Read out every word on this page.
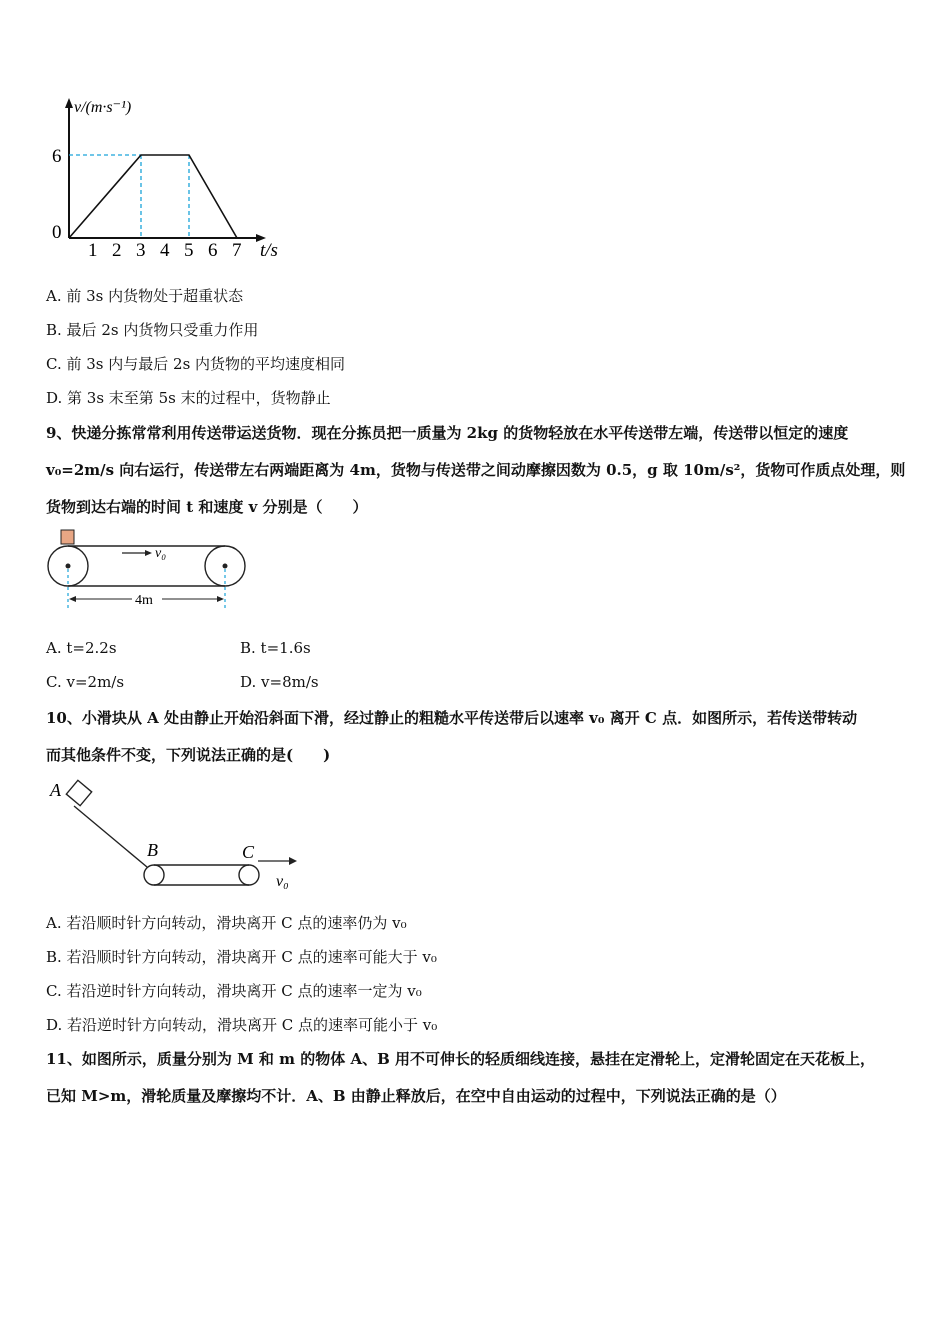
v/(m·s⁻¹)
6
0
1 2 3 4 5 6 7 t/s
A. 前 3s 内货物处于超重状态
B. 最后 2s 内货物只受重力作用
C. 前 3s 内与最后 2s 内货物的平均速度相同
D. 第 3s 末至第 5s 末的过程中，货物静止
9、快递分拣常常利用传送带运送货物．现在分拣员把一质量为 2kg 的货物轻放在水平传送带左端，传送带以恒定的速度
v₀=2m/s 向右运行，传送带左右两端距离为 4m，货物与传送带之间动摩擦因数为 0.5，g 取 10m/s²，货物可作质点处理，则
货物到达右端的时间 t 和速度 v 分别是（　　）
v₀
4m
A. t=2.2s	B. t=1.6s
C. v=2m/s	D. v=8m/s
10、小滑块从 A 处由静止开始沿斜面下滑，经过静止的粗糙水平传送带后以速率 v₀ 离开 C 点．如图所示，若传送带转动
而其他条件不变，下列说法正确的是(　　)
A
B	C
v₀
A. 若沿顺时针方向转动，滑块离开 C 点的速率仍为 v₀
B. 若沿顺时针方向转动，滑块离开 C 点的速率可能大于 v₀
C. 若沿逆时针方向转动，滑块离开 C 点的速率一定为 v₀
D. 若沿逆时针方向转动，滑块离开 C 点的速率可能小于 v₀
11、如图所示，质量分别为 M 和 m 的物体 A、B 用不可伸长的轻质细线连接，悬挂在定滑轮上，定滑轮固定在天花板上，
已知 M>m，滑轮质量及摩擦均不计．A、B 由静止释放后，在空中自由运动的过程中，下列说法正确的是（）
